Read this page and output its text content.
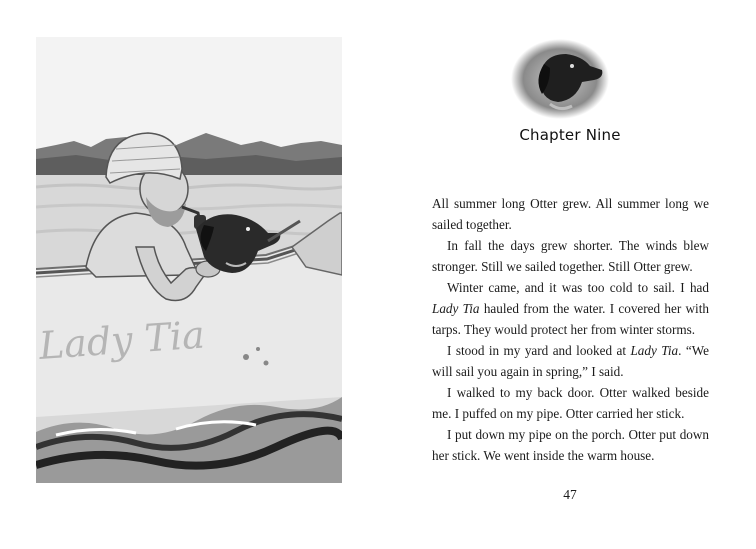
Lady Tia
Chapter Nine

All summer long Otter grew. All summer long we sailed together.

In fall the days grew shorter. The winds blew stronger. Still we sailed together. Still Otter grew.

Winter came, and it was too cold to sail. I had Lady Tia hauled from the water. I covered her with tarps. They would protect her from winter storms.

I stood in my yard and looked at Lady Tia. “We will sail you again in spring,” I said.

I walked to my back door. Otter walked beside me. I puffed on my pipe. Otter carried her stick.

I put down my pipe on the porch. Otter put down her stick. We went inside the warm house.

47
